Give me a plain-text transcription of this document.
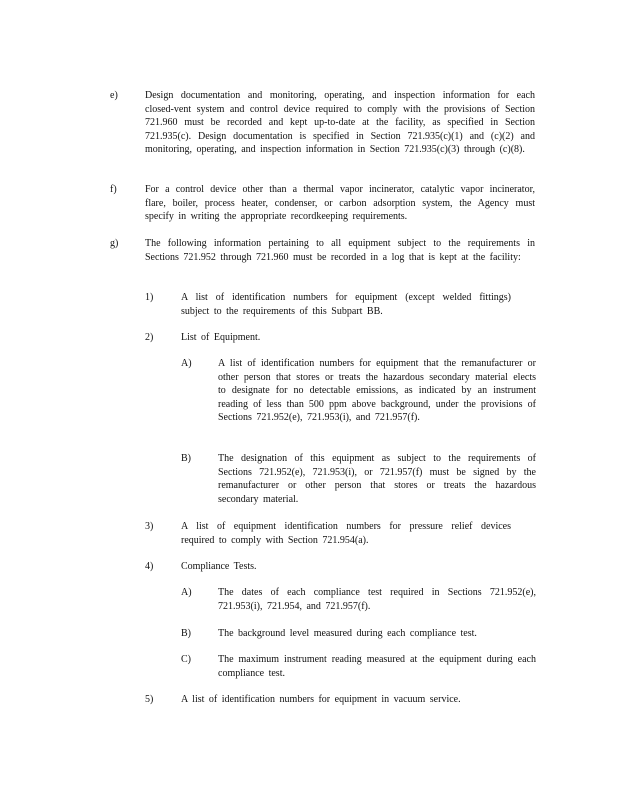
e)	Design documentation and monitoring, operating, and inspection information for each closed-vent system and control device required to comply with the provisions of Section 721.960 must be recorded and kept up-to-date at the facility, as specified in Section 721.935(c). Design documentation is specified in Section 721.935(c)(1) and (c)(2) and monitoring, operating, and inspection information in Section 721.935(c)(3) through (c)(8).
f)	For a control device other than a thermal vapor incinerator, catalytic vapor incinerator, flare, boiler, process heater, condenser, or carbon adsorption system, the Agency must specify in writing the appropriate recordkeeping requirements.
g)	The following information pertaining to all equipment subject to the requirements in Sections 721.952 through 721.960 must be recorded in a log that is kept at the facility:
1)	A list of identification numbers for equipment (except welded fittings) subject to the requirements of this Subpart BB.
2)	List of Equipment.
A)	A list of identification numbers for equipment that the remanufacturer or other person that stores or treats the hazardous secondary material elects to designate for no detectable emissions, as indicated by an instrument reading of less than 500 ppm above background, under the provisions of Sections 721.952(e), 721.953(i), and 721.957(f).
B)	The designation of this equipment as subject to the requirements of Sections 721.952(e), 721.953(i), or 721.957(f) must be signed by the remanufacturer or other person that stores or treats the hazardous secondary material.
3)	A list of equipment identification numbers for pressure relief devices required to comply with Section 721.954(a).
4)	Compliance Tests.
A)	The dates of each compliance test required in Sections 721.952(e), 721.953(i), 721.954, and 721.957(f).
B)	The background level measured during each compliance test.
C)	The maximum instrument reading measured at the equipment during each compliance test.
5)	A list of identification numbers for equipment in vacuum service.
